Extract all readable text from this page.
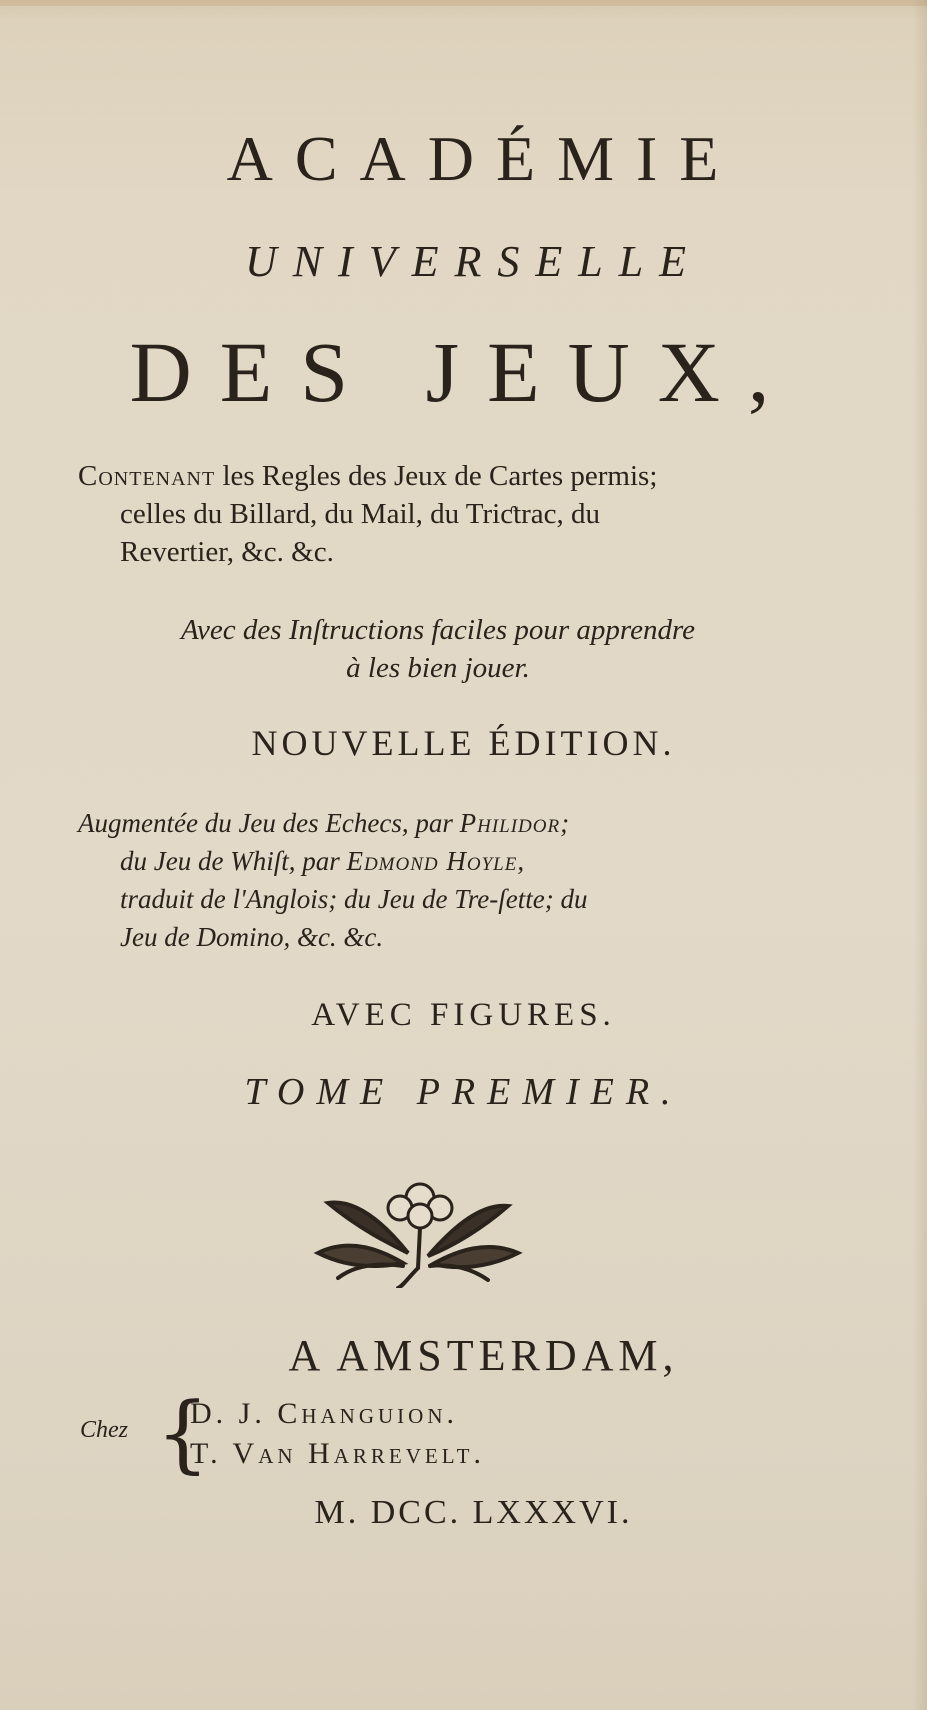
ACADÉMIE
UNIVERSELLE
DES JEUX,
Contenant les Regles des Jeux de Cartes permis;
celles du Billard, du Mail, du Triƈtrac, du
Revertier, &c. &c.
Avec des Inſtructions faciles pour apprendre
à les bien jouer.
NOUVELLE ÉDITION.
Augmentée du Jeu des Echecs, par Philidor;
du Jeu de Whiſt, par Edmond Hoyle,
traduit de l'Anglois; du Jeu de Tre-ſette; du
Jeu de Domino, &c. &c.
AVEC FIGURES.
TOME PREMIER.
A AMSTERDAM,
Chez {
D. J. Changuion.
T. Van Harrevelt.
M. DCC. LXXXVI.
